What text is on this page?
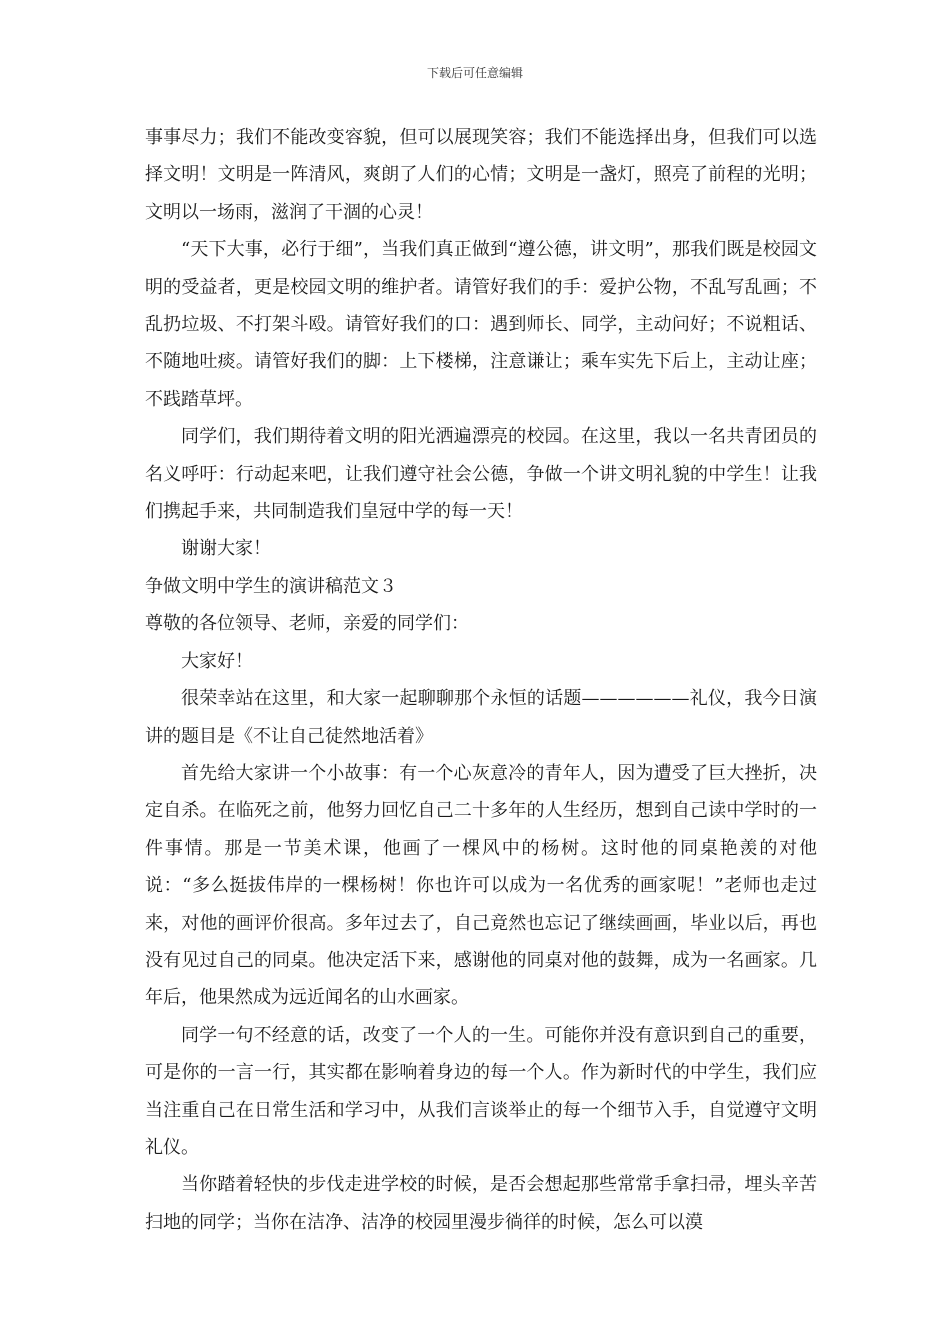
下载后可任意编辑

事事尽力；我们不能改变容貌，但可以展现笑容；我们不能选择出身，但我们可以选择文明！文明是一阵清风，爽朗了人们的心情；文明是一盏灯，照亮了前程的光明；文明以一场雨，滋润了干涸的心灵！

“天下大事，必行于细”，当我们真正做到“遵公德，讲文明”，那我们既是校园文明的受益者，更是校园文明的维护者。请管好我们的手：爱护公物，不乱写乱画；不乱扔垃圾、不打架斗殴。请管好我们的口：遇到师长、同学，主动问好；不说粗话、不随地吐痰。请管好我们的脚：上下楼梯，注意谦让；乘车实先下后上，主动让座；不践踏草坪。

同学们，我们期待着文明的阳光洒遍漂亮的校园。在这里，我以一名共青团员的名义呼吁：行动起来吧，让我们遵守社会公德，争做一个讲文明礼貌的中学生！让我们携起手来，共同制造我们皇冠中学的每一天！

谢谢大家！

争做文明中学生的演讲稿范文３

尊敬的各位领导、老师，亲爱的同学们：

大家好！

很荣幸站在这里，和大家一起聊聊那个永恒的话题——————礼仪，我今日演讲的题目是《不让自己徒然地活着》

首先给大家讲一个小故事：有一个心灰意冷的青年人，因为遭受了巨大挫折，决定自杀。在临死之前，他努力回忆自己二十多年的人生经历，想到自己读中学时的一件事情。那是一节美术课，他画了一棵风中的杨树。这时他的同桌艳羡的对他说：“多么挺拔伟岸的一棵杨树！你也许可以成为一名优秀的画家呢！”老师也走过来，对他的画评价很高。多年过去了，自己竟然也忘记了继续画画，毕业以后，再也没有见过自己的同桌。他决定活下来，感谢他的同桌对他的鼓舞，成为一名画家。几年后，他果然成为远近闻名的山水画家。

同学一句不经意的话，改变了一个人的一生。可能你并没有意识到自己的重要，可是你的一言一行，其实都在影响着身边的每一个人。作为新时代的中学生，我们应当注重自己在日常生活和学习中，从我们言谈举止的每一个细节入手，自觉遵守文明礼仪。

当你踏着轻快的步伐走进学校的时候，是否会想起那些常常手拿扫帚，埋头辛苦扫地的同学；当你在洁净、洁净的校园里漫步徜徉的时候，怎么可以漠
